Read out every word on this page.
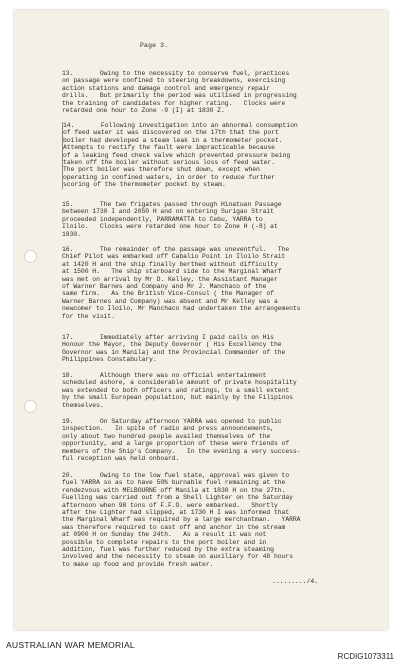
Page 3.
13.       Owing to the necessity to conserve fuel, practices
on passage were confined to steering breakdowns, exercising
action stations and damage control and emergency repair
drills.   But primarily the period was utilised in progressing
the training of candidates for higher rating.   Clocks were
retarded one hour to Zone -9 (I) at 1830 Z.
14.       Following investigation into an abnormal consumption
of feed water it was discovered on the 17th that the port
boiler had developed a steam leak in a thermometer pocket.
Attempts to rectify the fault were impracticable because
of a leaking feed check valve which prevented pressure being
taken off the boiler without serious loss of feed water.
The port boiler was therefore shut down, except when
operating in confined waters, in order to reduce further
scoring of the thermometer pocket by steam.
15.       The two frigates passed through Hinatuan Passage
between 1730 I and 2050 H and on entering Surigao Strait
proceeded independently, PARRAMATTA to Cebu, YARRA to
Iloilo.   Clocks were retarded one hour to Zone H (-8) at
1830.
16.       The remainder of the passage was uneventful.   The
Chief Pilot was embarked off Cabalio Point in Iloilo Strait
at 1420 H and the ship finally berthed without difficulty
at 1500 H.   The ship starboard side to the Marginal Wharf
was met on arrival by Mr D. Kelley, the Assistant Manager
of Warner Barnes and Company and Mr J. Manchaco of the
same firm.   As the British Vice-Consul ( the Manager of
Warner Barnes and Company) was absent and Mr Kelley was a
newcomer to Iloilo, Mr Manchaco had undertaken the arrangements
for the visit.
17.       Immediately after arriving I paid calls on His
Honour the Mayor, the Deputy Governor ( His Excellency the
Governor was in Manila) and the Provincial Commander of the
Philippines Constabulary.
18.       Although there was no official entertainment
scheduled ashore, a considerable amount of private hospitality
was extended to both officers and ratings, to a small extent
by the small European population, but mainly by the Filipinos
themselves.
19.       On Saturday afternoon YARRA was opened to public
inspection.   In spite of radio and press announcements,
only about two hundred people availed themselves of the
opportunity, and a large proportion of these were friends of
members of the Ship's Company.   In the evening a very success-
ful reception was held onboard.
20.       Owing to the low fuel state, approval was given to
fuel YARRA so as to have 50% burnable fuel remaining at the
rendezvous with MELBOURNE off Manila at 1830 H on the 27th.
Fuelling was carried out from a Shell Lighter on the Saturday
afternoon when 98 tons of F.F.O. were embarked.   Shortly
after the Lighter had slipped, at 1730 H I was informed that
the Marginal Wharf was required by a large merchantman.   YARRA
was therefore required to cast off and anchor in the stream
at 0900 H on Sunday the 24th.   As a result it was not
possible to complete repairs to the port boiler and in
addition, fuel was further reduced by the extra steaming
involved and the necessity to steam on auxiliary for 48 hours
to make up food and provide fresh water.
........./4.
AUSTRALIAN WAR MEMORIAL
RCDIG1073311
